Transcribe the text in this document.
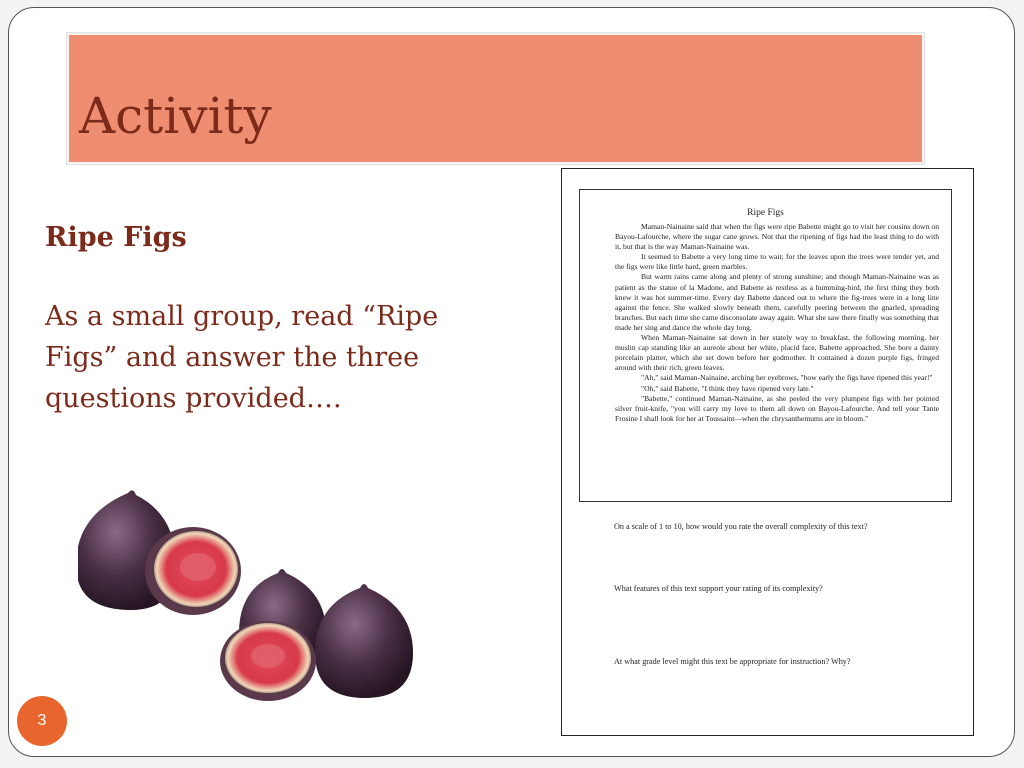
Activity
Ripe Figs
As a small group, read “Ripe Figs” and answer the three questions provided….
3
Ripe Figs

Maman-Nainaine said that when the figs were ripe Babette might go to visit her cousins down on Bayou-Lafourche, where the sugar cane grows. Not that the ripening of figs had the least thing to do with it, but that is the way Maman-Nainaine was.

It seemed to Babette a very long time to wait; for the leaves upon the trees were tender yet, and the figs were like little hard, green marbles.

But warm rains came along and plenty of strong sunshine; and though Maman-Nainaine was as patient as the statue of la Madone, and Babette as restless as a humming-bird, the first thing they both knew it was hot summer-time. Every day Babette danced out to where the fig-trees were in a long line against the fence. She walked slowly beneath them, carefully peering between the gnarled, spreading branches. But each time she came disconsolate away again. What she saw there finally was something that made her sing and dance the whole day long.

When Maman-Nainaine sat down in her stately way to breakfast, the following morning, her muslin cap standing like an aureole about her white, placid face, Babette approached. She bore a dainty porcelain platter, which she set down before her godmother. It contained a dozen purple figs, fringed around with their rich, green leaves.

"Ah," said Maman-Nainaine, arching her eyebrows, "how early the figs have ripened this year!"

"Oh," said Babette, "I think they have ripened very late."

"Babette," continued Maman-Nainaine, as she peeled the very plumpest figs with her pointed silver fruit-knife, "you will carry my love to them all down on Bayou-Lafourche. And tell your Tante Frosine I shall look for her at Toussaint—when the chrysanthemums are in bloom."

On a scale of 1 to 10, how would you rate the overall complexity of this text?
What features of this text support your rating of its complexity?
At what grade level might this text be appropriate for instruction? Why?
